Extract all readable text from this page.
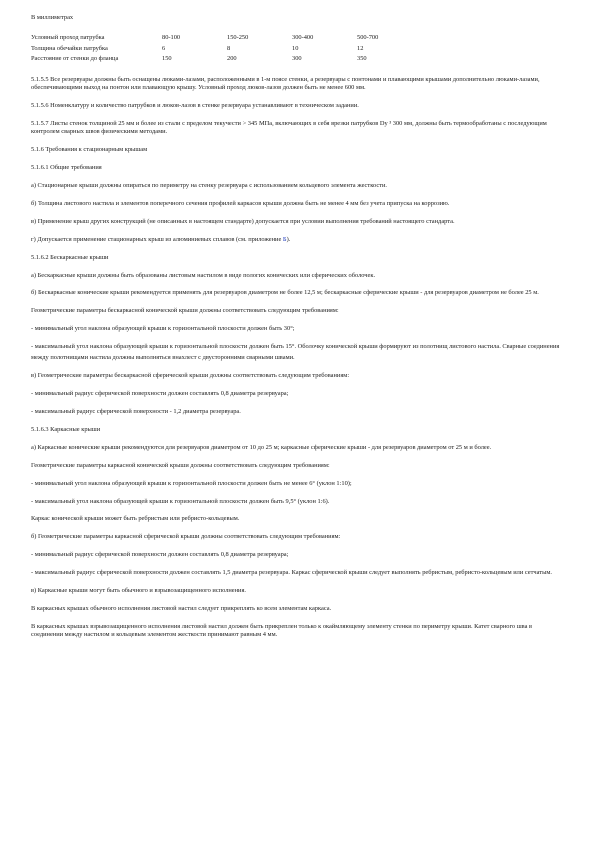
В миллиметрах

Условный проход патрубка	80-100	150-250	300-400	500-700
Толщина обечайки патрубка	6	8	10	12
Расстояние от стенки до фланца	150	200	300	350

5.1.5.5 Все резервуары должны быть оснащены люками-лазами, расположенными в 1-м поясе стенки, а резервуары с понтонами и плавающими крышами дополнительно люками-лазами, обеспечивающими выход на понтон или плавающую крышу. Условный проход люков-лазов должен быть не менее 600 мм.

5.1.5.6 Номенклатуру и количество патрубков и люков-лазов в стенке резервуара устанавливают в техническом задании.

5.1.5.7 Листы стенок толщиной 25 мм и более из стали с пределом текучести > 345 МПа, включающих в себя врезки патрубков Dy ³ 300 мм, должны быть термообработаны с последующим контролем сварных швов физическими методами.

5.1.6 Требования к стационарным крышам

5.1.6.1 Общие требования

а) Стационарные крыши должны опираться по периметру на стенку резервуара с использованием кольцевого элемента жесткости.

б) Толщина листового настила и элементов поперечного сечения профилей каркасов крыши должна быть не менее 4 мм без учета припуска на коррозию.

в) Применение крыш других конструкций (не описанных в настоящем стандарте) допускается при условии выполнения требований настоящего стандарта.

г) Допускается применение стационарных крыш из алюминиевых сплавов (см. приложение Б).

5.1.6.2 Бескаркасные крыши

а) Бескаркасные крыши должны быть образованы листовым настилом в виде пологих конических или сферических оболочек.

б) Бескаркасные конические крыши рекомендуется применять для резервуаров диаметром не более 12,5 м; бескаркасные сферические крыши - для резервуаров диаметром не более 25 м.

Геометрические параметры бескаркасной конической крыши должны соответствовать следующим требованиям:

- минимальный угол наклона образующей крыши к горизонтальной плоскости должен быть 30°;

- максимальный угол наклона образующей крыши к горизонтальной плоскости должен быть 15°. Оболочку конической крыши формируют из полотнищ листового настила. Сварные соединения

между полотнищами настила должны выполняться внахлест с двусторонними сварными швами.

в) Геометрические параметры бескаркасной сферической крыши должны соответствовать следующим требованиям:

- минимальный радиус сферической поверхности должен составлять 0,8 диаметра резервуара;

- максимальный радиус сферической поверхности - 1,2 диаметра резервуара.

5.1.6.3 Каркасные крыши

а) Каркасные конические крыши рекомендуются для резервуаров диаметром от 10 до 25 м; каркасные сферические крыши - для резервуаров диаметром от 25 м и более.

Геометрические параметры каркасной конической крыши должны соответствовать следующим требованиям:

- минимальный угол наклона образующей крыши к горизонтальной плоскости должен быть не менее 6° (уклон 1:10);

- максимальный угол наклона образующей крыши к горизонтальной плоскости должен быть 9,5° (уклон 1:6).

Каркас конической крыши может быть ребристым или ребристо-кольцевым.

б) Геометрические параметры каркасной сферической крыши должны соответствовать следующим требованиям:

- минимальный радиус сферической поверхности должен составлять 0,8 диаметра резервуара;

- максимальный радиус сферической поверхности должен составлять 1,5 диаметра резервуара. Каркас сферической крыши следует выполнять ребристым, ребристо-кольцевым или сетчатым.

в) Каркасные крыши могут быть обычного и взрывозащищенного исполнения.

В каркасных крышах обычного исполнения листовой настил следует прикреплять ко всем элементам каркаса.

В каркасных крышах взрывозащищенного исполнения листовой настил должен быть прикреплен только к окаймляющему элементу стенки по периметру крыши. Катет сварного шва в соединении между настилом и кольцевым элементом жесткости принимают равным 4 мм.
